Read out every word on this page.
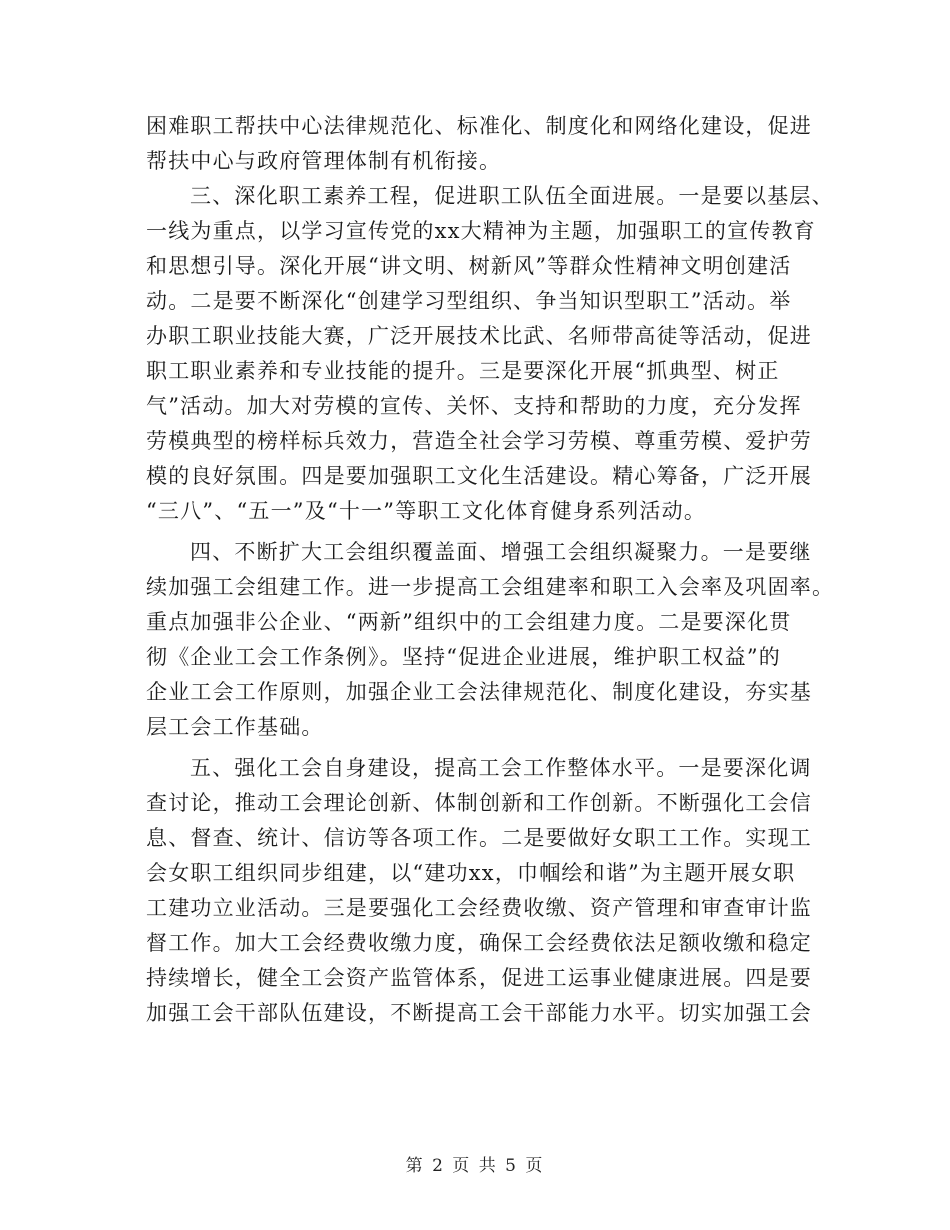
困难职工帮扶中心法律规范化、标准化、制度化和网络化建设，促进
帮扶中心与政府管理体制有机衔接。
三、深化职工素养工程，促进职工队伍全面进展。一是要以基层、
一线为重点，以学习宣传党的xx大精神为主题，加强职工的宣传教育
和思想引导。深化开展“讲文明、树新风”等群众性精神文明创建活
动。二是要不断深化“创建学习型组织、争当知识型职工”活动。举
办职工职业技能大赛，广泛开展技术比武、名师带高徒等活动，促进
职工职业素养和专业技能的提升。三是要深化开展“抓典型、树正
气”活动。加大对劳模的宣传、关怀、支持和帮助的力度，充分发挥
劳模典型的榜样标兵效力，营造全社会学习劳模、尊重劳模、爱护劳
模的良好氛围。四是要加强职工文化生活建设。精心筹备，广泛开展
“三八”、“五一”及“十一”等职工文化体育健身系列活动。
四、不断扩大工会组织覆盖面、增强工会组织凝聚力。一是要继
续加强工会组建工作。进一步提高工会组建率和职工入会率及巩固率。
重点加强非公企业、“两新”组织中的工会组建力度。二是要深化贯
彻《企业工会工作条例》。坚持“促进企业进展，维护职工权益”的
企业工会工作原则，加强企业工会法律规范化、制度化建设，夯实基
层工会工作基础。
五、强化工会自身建设，提高工会工作整体水平。一是要深化调
查讨论，推动工会理论创新、体制创新和工作创新。不断强化工会信
息、督查、统计、信访等各项工作。二是要做好女职工工作。实现工
会女职工组织同步组建，以“建功xx，巾帼绘和谐”为主题开展女职
工建功立业活动。三是要强化工会经费收缴、资产管理和审查审计监
督工作。加大工会经费收缴力度，确保工会经费依法足额收缴和稳定
持续增长，健全工会资产监管体系，促进工运事业健康进展。四是要
加强工会干部队伍建设，不断提高工会干部能力水平。切实加强工会
第 2 页 共 5 页
